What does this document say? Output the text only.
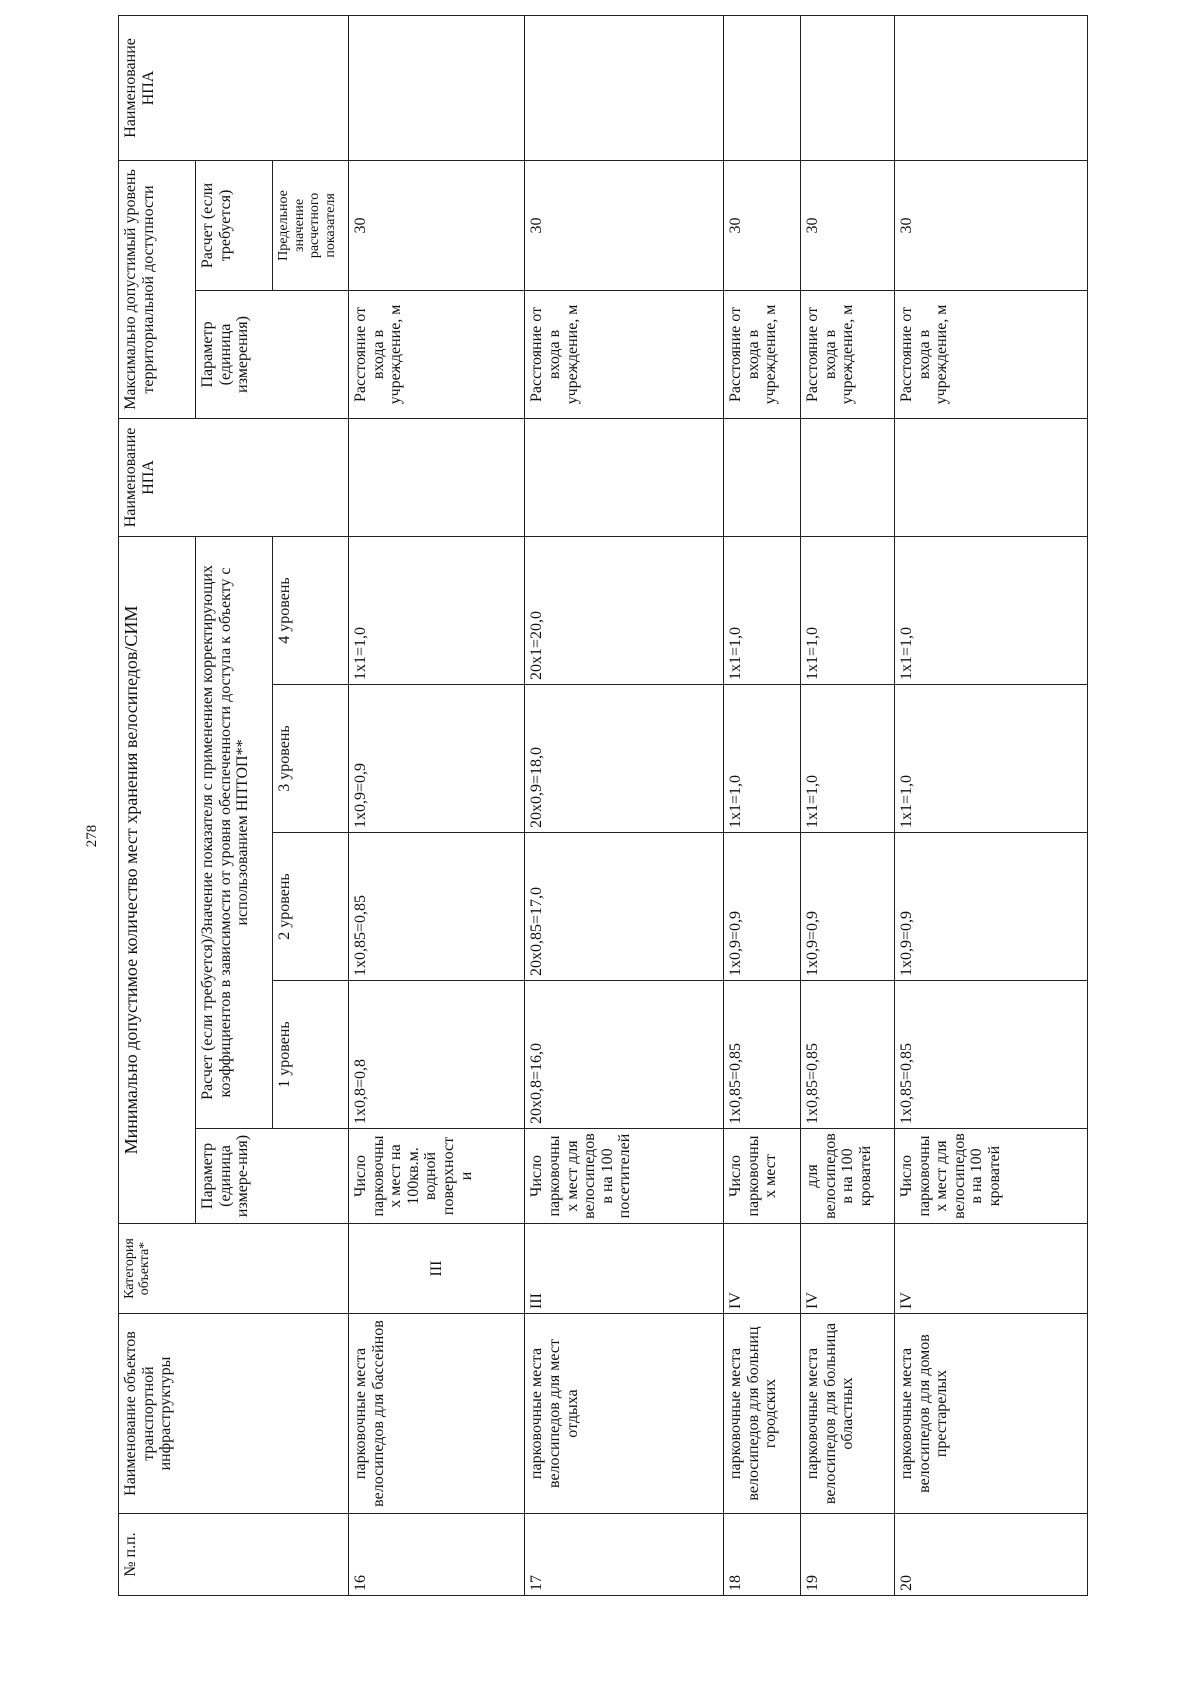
278
№ п.п.	Наименование объектов транспортной инфраструктуры	Категория объекта*	Минимально допустимое количество мест хранения велосипедов/СИМ					Наименование НПА	Максимально допустимый уровень территориальной доступности		Наименование НПА
			Параметр (единица измере-ния)	Расчет (если требуется)/Значение показателя с применением корректирующих коэффициентов в зависимости от уровня обеспеченности доступа к объекту с использованием НПТОП**					Параметр (единица измерения)	Расчет (если требуется)	
				1 уровень	2 уровень	3 уровень	4 уровень			Предельное значение расчетного показателя	
16	парковочные места велосипедов для бассейнов	III	Число парковочных мест на 100кв.м. водной поверхности	1х0,8=0,8	1х0,85=0,85	1х0,9=0,9	1х1=1,0		Расстояние от входа в учреждение, м	30	
17	парковочные места велосипедов для мест отдыха	III	Число парковочных мест для велосипедов в на 100 посетителей	20х0,8=16,0	20х0,85=17,0	20х0,9=18,0	20х1=20,0		Расстояние от входа в учреждение, м	30	
18	парковочные места велосипедов для больниц городских	IV	Число парковочных мест	1х0,85=0,85	1х0,9=0,9	1х1=1,0	1х1=1,0		Расстояние от входа в учреждение, м	30	
19	парковочные места велосипедов для больница областных	IV	для велосипедов в на 100 кроватей	1х0,85=0,85	1х0,9=0,9	1х1=1,0	1х1=1,0		Расстояние от входа в учреждение, м	30	
20	парковочные места велосипедов для домов престарелых	IV	Число парковочных мест для велосипедов в на 100 кроватей	1х0,85=0,85	1х0,9=0,9	1х1=1,0	1х1=1,0		Расстояние от входа в учреждение, м	30	
